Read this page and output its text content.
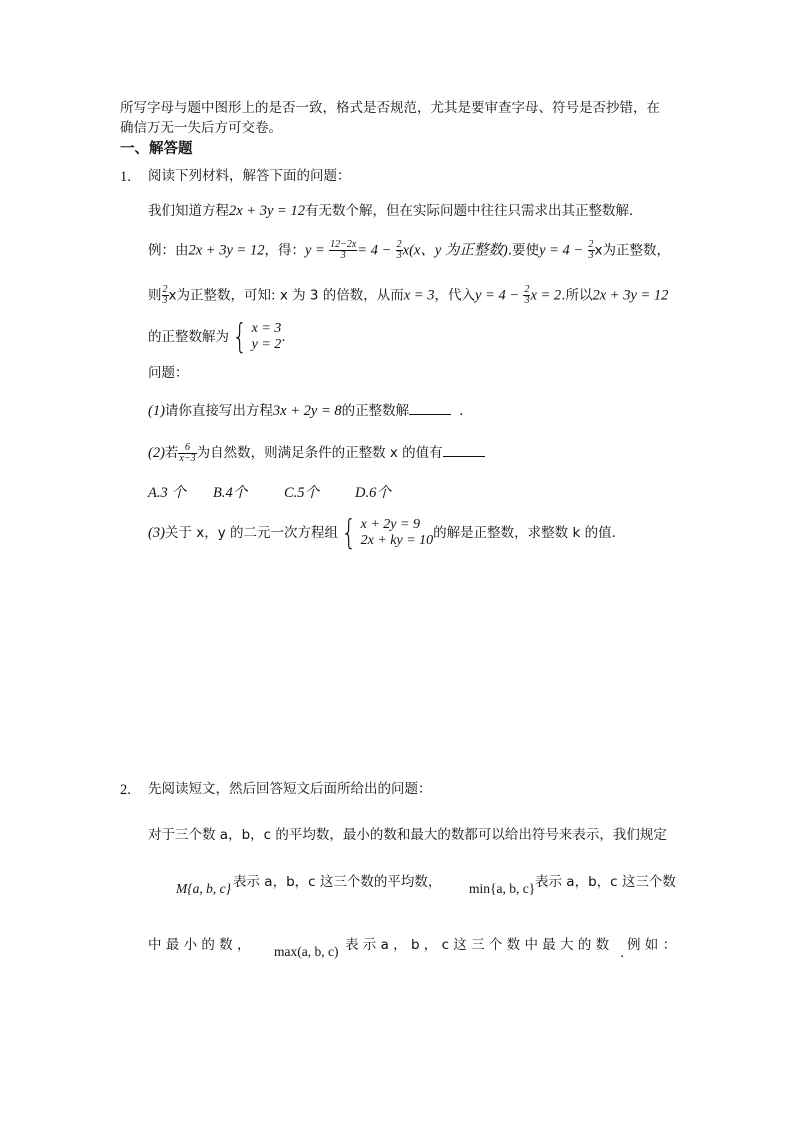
所写字母与题中图形上的是否一致，格式是否规范，尤其是要审查字母、符号是否抄错，在
确信万无一失后方可交卷。
一、解答题
1. 阅读下列材料，解答下面的问题：
我们知道方程2x + 3y = 12有无数个解，但在实际问题中往往只需求出其正整数解．
例：由2x + 3y = 12，得：$y = \frac{12-2x}{3} = 4 - \frac{2}{3} x(x$、y 为正整数).要使$y = 4 - \frac{2}{3}$ x为正整数，
则 $\frac{2}{3}$ x为正整数，可知: x 为 3 的倍数，从而x = 3，代入$y = 4 - \frac{2}{3}$ x = 2.所以2x + 3y = 12
的正整数解为 { x = 3
y = 2 .
问题：
(1)请你直接写出方程3x + 2y = 8的正整数解	．
(2)若 $\frac{6}{x-3}$ 为自然数，则满足条件的正整数 x 的值有
A.3 个 B.4个	C.5个 D.6个
(3)关于 x，y 的二元一次方程组 { x + 2y = 9
2x + ky = 10 的解是正整数，求整数 k 的值．
2. 先阅读短文，然后回答短文后面所给出的问题：
对于三个数 a，b，c 的平均数，最小的数和最大的数都可以给出符号来表示，我们规定
M{a, b, c} 表示 a，b，c 这三个数的平均数， min{a, b, c} 表示 a，b，c 这三个数
中 最 小 的 数 ， max(a, b, c) 表 示 a ， b ， c 这 三 个 数 中 最 大 的 数 . 例 如 ：
